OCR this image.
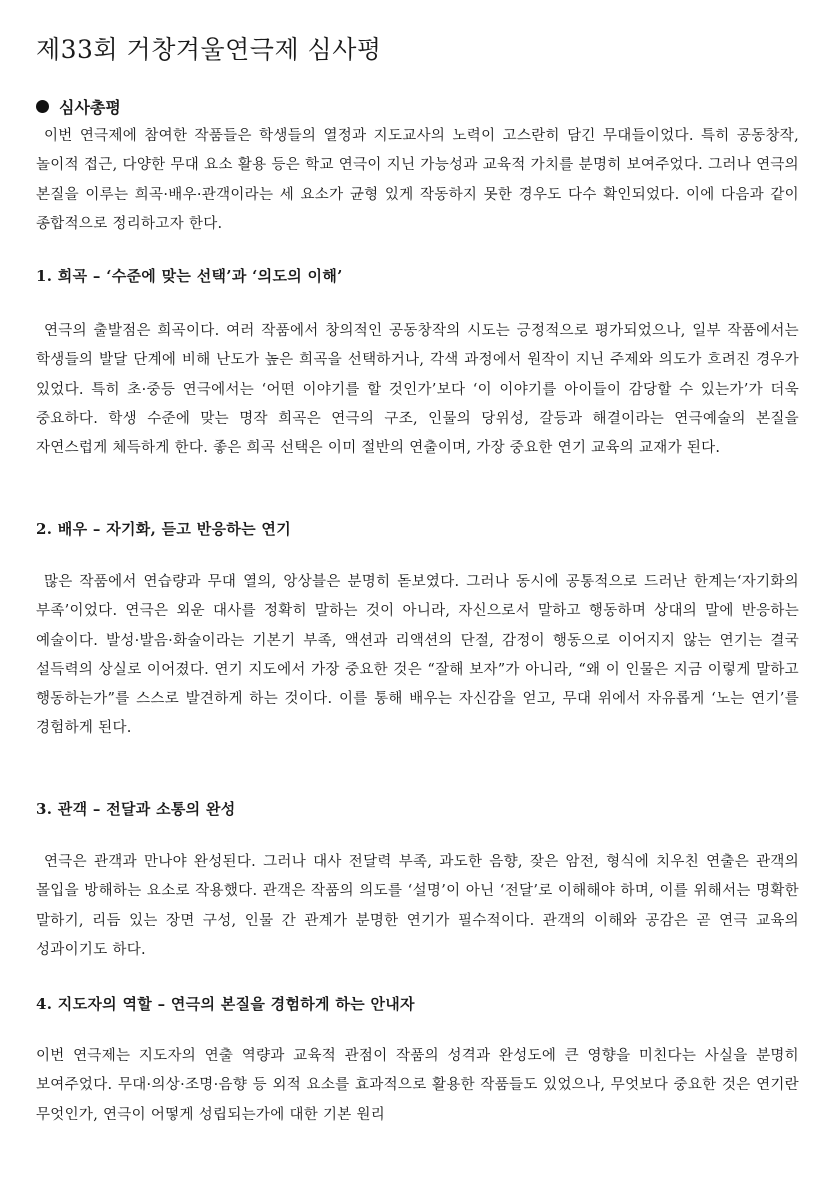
제33회 거창겨울연극제 심사평
심사총평

이번 연극제에 참여한 작품들은 학생들의 열정과 지도교사의 노력이 고스란히 담긴 무대들이었다. 특히 공동창작, 놀이적 접근, 다양한 무대 요소 활용 등은 학교 연극이 지닌 가능성과 교육적 가치를 분명히 보여주었다. 그러나 연극의 본질을 이루는 희곡·배우·관객이라는 세 요소가 균형 있게 작동하지 못한 경우도 다수 확인되었다. 이에 다음과 같이 종합적으로 정리하고자 한다.

1. 희곡 – ‘수준에 맞는 선택’과 ‘의도의 이해’

연극의 출발점은 희곡이다. 여러 작품에서 창의적인 공동창작의 시도는 긍정적으로 평가되었으나, 일부 작품에서는 학생들의 발달 단계에 비해 난도가 높은 희곡을 선택하거나, 각색 과정에서 원작이 지닌 주제와 의도가 흐려진 경우가 있었다. 특히 초·중등 연극에서는 ‘어떤 이야기를 할 것인가’보다 ‘이 이야기를 아이들이 감당할 수 있는가’가 더욱 중요하다. 학생 수준에 맞는 명작 희곡은 연극의 구조, 인물의 당위성, 갈등과 해결이라는 연극예술의 본질을 자연스럽게 체득하게 한다. 좋은 희곡 선택은 이미 절반의 연출이며, 가장 중요한 연기 교육의 교재가 된다.

2. 배우 – 자기화, 듣고 반응하는 연기

많은 작품에서 연습량과 무대 열의, 앙상블은 분명히 돋보였다. 그러나 동시에 공통적으로 드러난 한계는‘자기화의 부족’이었다. 연극은 외운 대사를 정확히 말하는 것이 아니라, 자신으로서 말하고 행동하며 상대의 말에 반응하는 예술이다. 발성·발음·화술이라는 기본기 부족, 액션과 리액션의 단절, 감정이 행동으로 이어지지 않는 연기는 결국 설득력의 상실로 이어졌다. 연기 지도에서 가장 중요한 것은 “잘해 보자”가 아니라, “왜 이 인물은 지금 이렇게 말하고 행동하는가”를 스스로 발견하게 하는 것이다. 이를 통해 배우는 자신감을 얻고, 무대 위에서 자유롭게 ‘노는 연기’를 경험하게 된다.

3. 관객 – 전달과 소통의 완성

연극은 관객과 만나야 완성된다. 그러나 대사 전달력 부족, 과도한 음향, 잦은 암전, 형식에 치우친 연출은 관객의 몰입을 방해하는 요소로 작용했다. 관객은 작품의 의도를 ‘설명’이 아닌 ‘전달’로 이해해야 하며, 이를 위해서는 명확한 말하기, 리듬 있는 장면 구성, 인물 간 관계가 분명한 연기가 필수적이다. 관객의 이해와 공감은 곧 연극 교육의 성과이기도 하다.

4. 지도자의 역할 – 연극의 본질을 경험하게 하는 안내자

이번 연극제는 지도자의 연출 역량과 교육적 관점이 작품의 성격과 완성도에 큰 영향을 미친다는 사실을 분명히 보여주었다. 무대·의상·조명·음향 등 외적 요소를 효과적으로 활용한 작품들도 있었으나, 무엇보다 중요한 것은 연기란 무엇인가, 연극이 어떻게 성립되는가에 대한 기본 원리
